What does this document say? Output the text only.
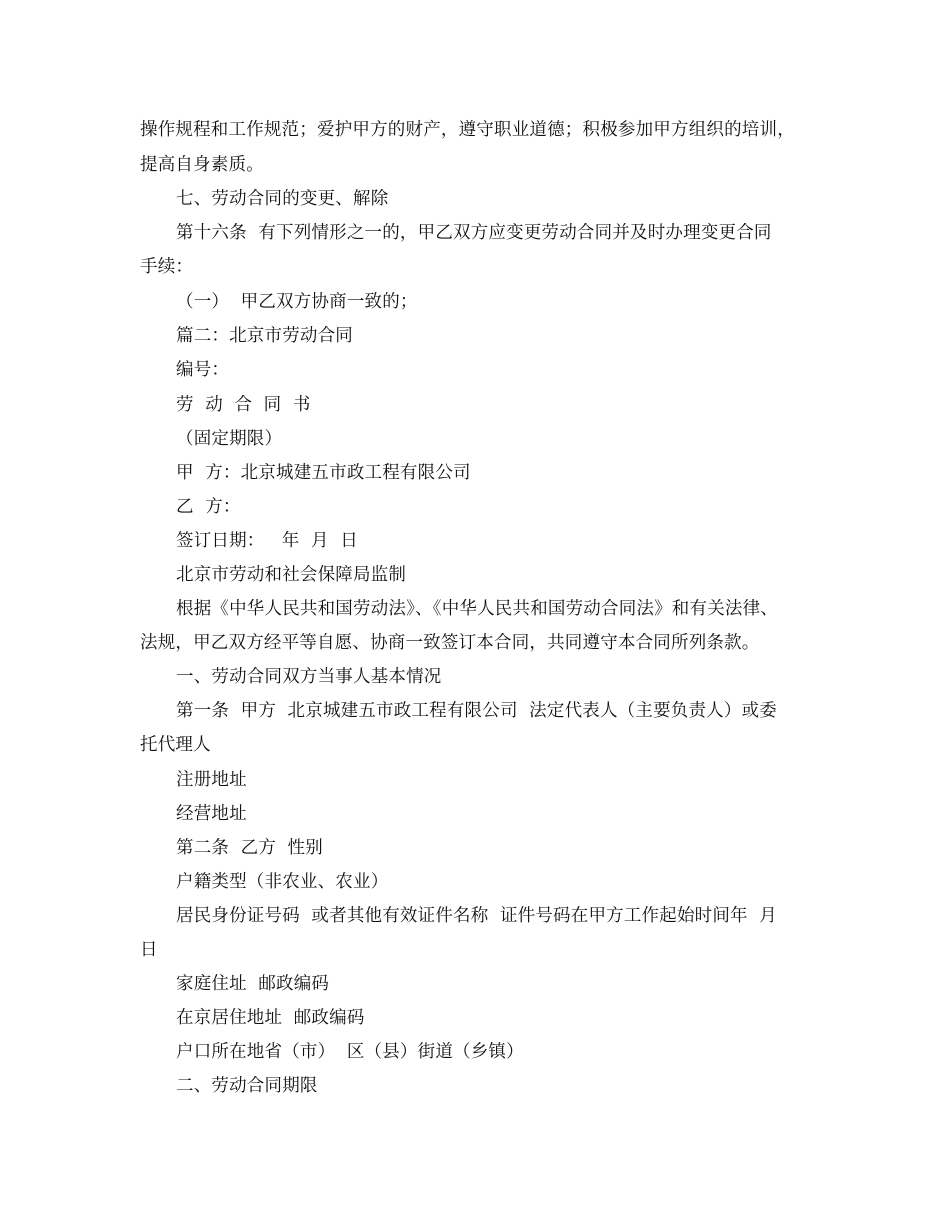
操作规程和工作规范；爱护甲方的财产，遵守职业道德；积极参加甲方组织的培训，
提高自身素质。
七、劳动合同的变更、解除
第十六条  有下列情形之一的，甲乙双方应变更劳动合同并及时办理变更合同
手续：
（一）  甲乙双方协商一致的；
篇二：北京市劳动合同
编号：
劳  动  合  同  书
（固定期限）
甲  方：北京城建五市政工程有限公司
乙  方：
签订日期：   年  月  日
北京市劳动和社会保障局监制
根据《中华人民共和国劳动法》、《中华人民共和国劳动合同法》和有关法律、
法规，甲乙双方经平等自愿、协商一致签订本合同，共同遵守本合同所列条款。
一、劳动合同双方当事人基本情况
第一条  甲方  北京城建五市政工程有限公司  法定代表人（主要负责人）或委
托代理人
注册地址
经营地址
第二条  乙方  性别
户籍类型（非农业、农业）
居民身份证号码  或者其他有效证件名称  证件号码在甲方工作起始时间年  月
日
家庭住址  邮政编码
在京居住地址  邮政编码
户口所在地省（市）  区（县）街道（乡镇）
二、劳动合同期限
